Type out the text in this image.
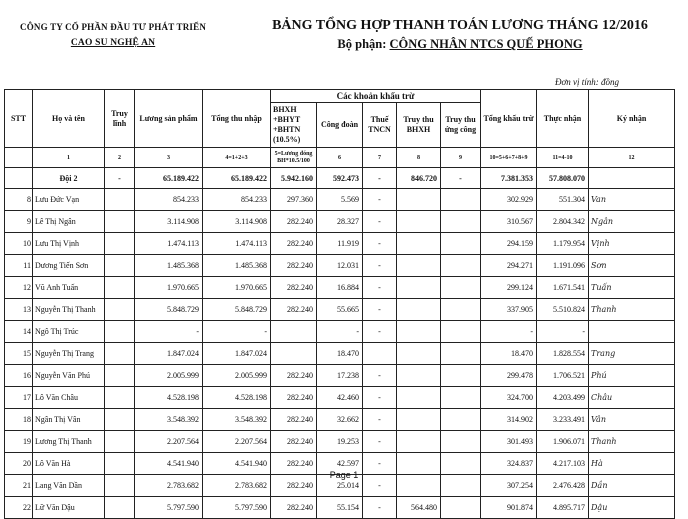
CÔNG TY CỔ PHẦN ĐẦU TƯ PHÁT TRIỂN
CAO SU NGHỆ AN
BẢNG TỔNG HỢP THANH TOÁN LƯƠNG THÁNG 12/2016
Bộ phận: CÔNG NHÂN NTCS QUẾ PHONG
Đơn vị tính: đồng
STT	Họ và tên	Truy lĩnh	Lương sản phẩm	Tổng thu nhập	Các khoản khấu trừ					Tổng khấu trừ	Thực nhận	Ký nhận
					BHXH +BHYT +BHTN (10.5%)	Công đoàn	Thuế TNCN	Truy thu BHXH	Truy thu ứng công			
	1	2	3	4=1+2+3	5=Lương đóng BH*10.5/100	6	7	8	9	10=5+6+7+8+9	11=4-10	12
	Đội 2	-	65.189.422	65.189.422	5.942.160	592.473	-	846.720	-	7.381.353	57.808.070	
8	Lưu Đức Vạn		854.233	854.233	297.360	5.569	-			302.929	551.304	Van
9	Lê Thị Ngân		3.114.908	3.114.908	282.240	28.327	-			310.567	2.804.342	Ngân
10	Lưu Thị Vịnh		1.474.113	1.474.113	282.240	11.919	-			294.159	1.179.954	Vịnh
11	Dương Tiến Sơn		1.485.368	1.485.368	282.240	12.031	-			294.271	1.191.096	Sơn
12	Vũ Anh Tuấn		1.970.665	1.970.665	282.240	16.884	-			299.124	1.671.541	Tuấn
13	Nguyễn Thị Thanh		5.848.729	5.848.729	282.240	55.665	-			337.905	5.510.824	Thanh
14	Ngô Thị Trúc		-	-		-	-			-	-	
15	Nguyễn Thị Trang		1.847.024	1.847.024		18.470				18.470	1.828.554	Trang
16	Nguyễn Văn Phú		2.005.999	2.005.999	282.240	17.238	-			299.478	1.706.521	Phú
17	Lô Văn Châu		4.528.198	4.528.198	282.240	42.460	-			324.700	4.203.499	Châu
18	Ngân Thị Vân		3.548.392	3.548.392	282.240	32.662	-			314.902	3.233.491	Vân
19	Lương Thị Thanh		2.207.564	2.207.564	282.240	19.253	-			301.493	1.906.071	Thanh
20	Lô Văn Hà		4.541.940	4.541.940	282.240	42.597	-			324.837	4.217.103	Hà
21	Lang Văn Dần		2.783.682	2.783.682	282.240	25.014	-			307.254	2.476.428	Dần
22	Lữ Văn Dậu		5.797.590	5.797.590	282.240	55.154	-	564.480		901.874	4.895.717	Dậu
Page 1
